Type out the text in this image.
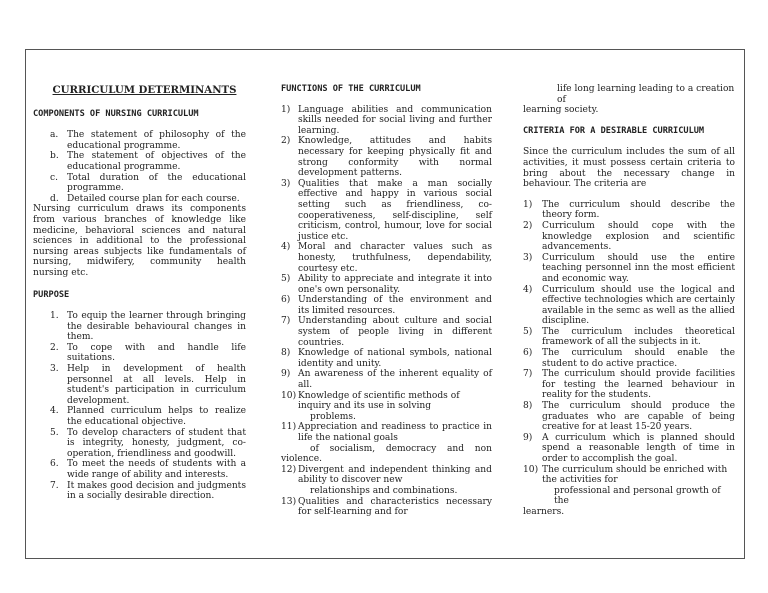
CURRICULUM DETERMINANTS
COMPONENTS OF NURSING CURRICULUM
a. The statement of philosophy of the educational programme.
b. The statement of objectives of the educational programme.
c. Total duration of the educational programme.
d. Detailed course plan for each course.
Nursing curriculum draws its components from various branches of knowledge like medicine, behavioral sciences and natural sciences in additional to the professional nursing areas subjects like fundamentals of nursing, midwifery, community health nursing etc.
PURPOSE
1. To equip the learner through bringing the desirable behavioural changes in them.
2. To cope with and handle life suitations.
3. Help in development of health personnel at all levels. Help in student's participation in curriculum development.
4. Planned curriculum helps to realize the educational objective.
5. To develop characters of student that is integrity, honesty, judgment, co-operation, friendliness and goodwill.
6. To meet the needs of students with a wide range of ability and interests.
7. It makes good decision and judgments in a socially desirable direction.
FUNCTIONS OF THE CURRICULUM
1) Language abilities and communication skills needed for social living and further learning.
2) Knowledge, attitudes and habits necessary for keeping physically fit and strong conformity with normal development patterns.
3) Qualities that make a man socially effective and happy in various social setting such as friendliness, co-cooperativeness, self-discipline, self criticism, control, humour, love for social justice etc.
4) Moral and character values such as honesty, truthfulness, dependability, courtesy etc.
5) Ability to appreciate and integrate it into one's own personality.
6) Understanding of the environment and its limited resources.
7) Understanding about culture and social system of people living in different countries.
8) Knowledge of national symbols, national identity and unity.
9) An awareness of the inherent equality of all.
10) Knowledge of scientific methods of inquiry and its use in solving
problems.
11) Appreciation and readiness to practice in life the national goals
of socialism, democracy and non
violence.
12) Divergent and independent thinking and ability to discover new
relationships and combinations.
13) Qualities and characteristics necessary for self-learning and for
life long learning leading to a creation of
learning society.
CRITERIA FOR A DESIRABLE CURRICULUM
Since the curriculum includes the sum of all activities, it must possess certain criteria to bring about the necessary change in behaviour. The criteria are
1) The curriculum should describe the theory form.
2) Curriculum should cope with the knowledge explosion and scientific advancements.
3) Curriculum should use the entire teaching personnel inn the most efficient and economic way.
4) Curriculum should use the logical and effective technologies which are certainly available in the semc as well as the allied discipline.
5) The curriculum includes theoretical framework of all the subjects in it.
6) The curriculum should enable the student to do active practice.
7) The curriculum should provide facilities for testing the learned behaviour in reality for the students.
8) The curriculum should produce the graduates who are capable of being creative for at least 15-20 years.
9) A curriculum which is planned should spend a reasonable length of time in order to accomplish the goal.
10) The curriculum should be enriched with the activities for
professional and personal growth of the
learners.
